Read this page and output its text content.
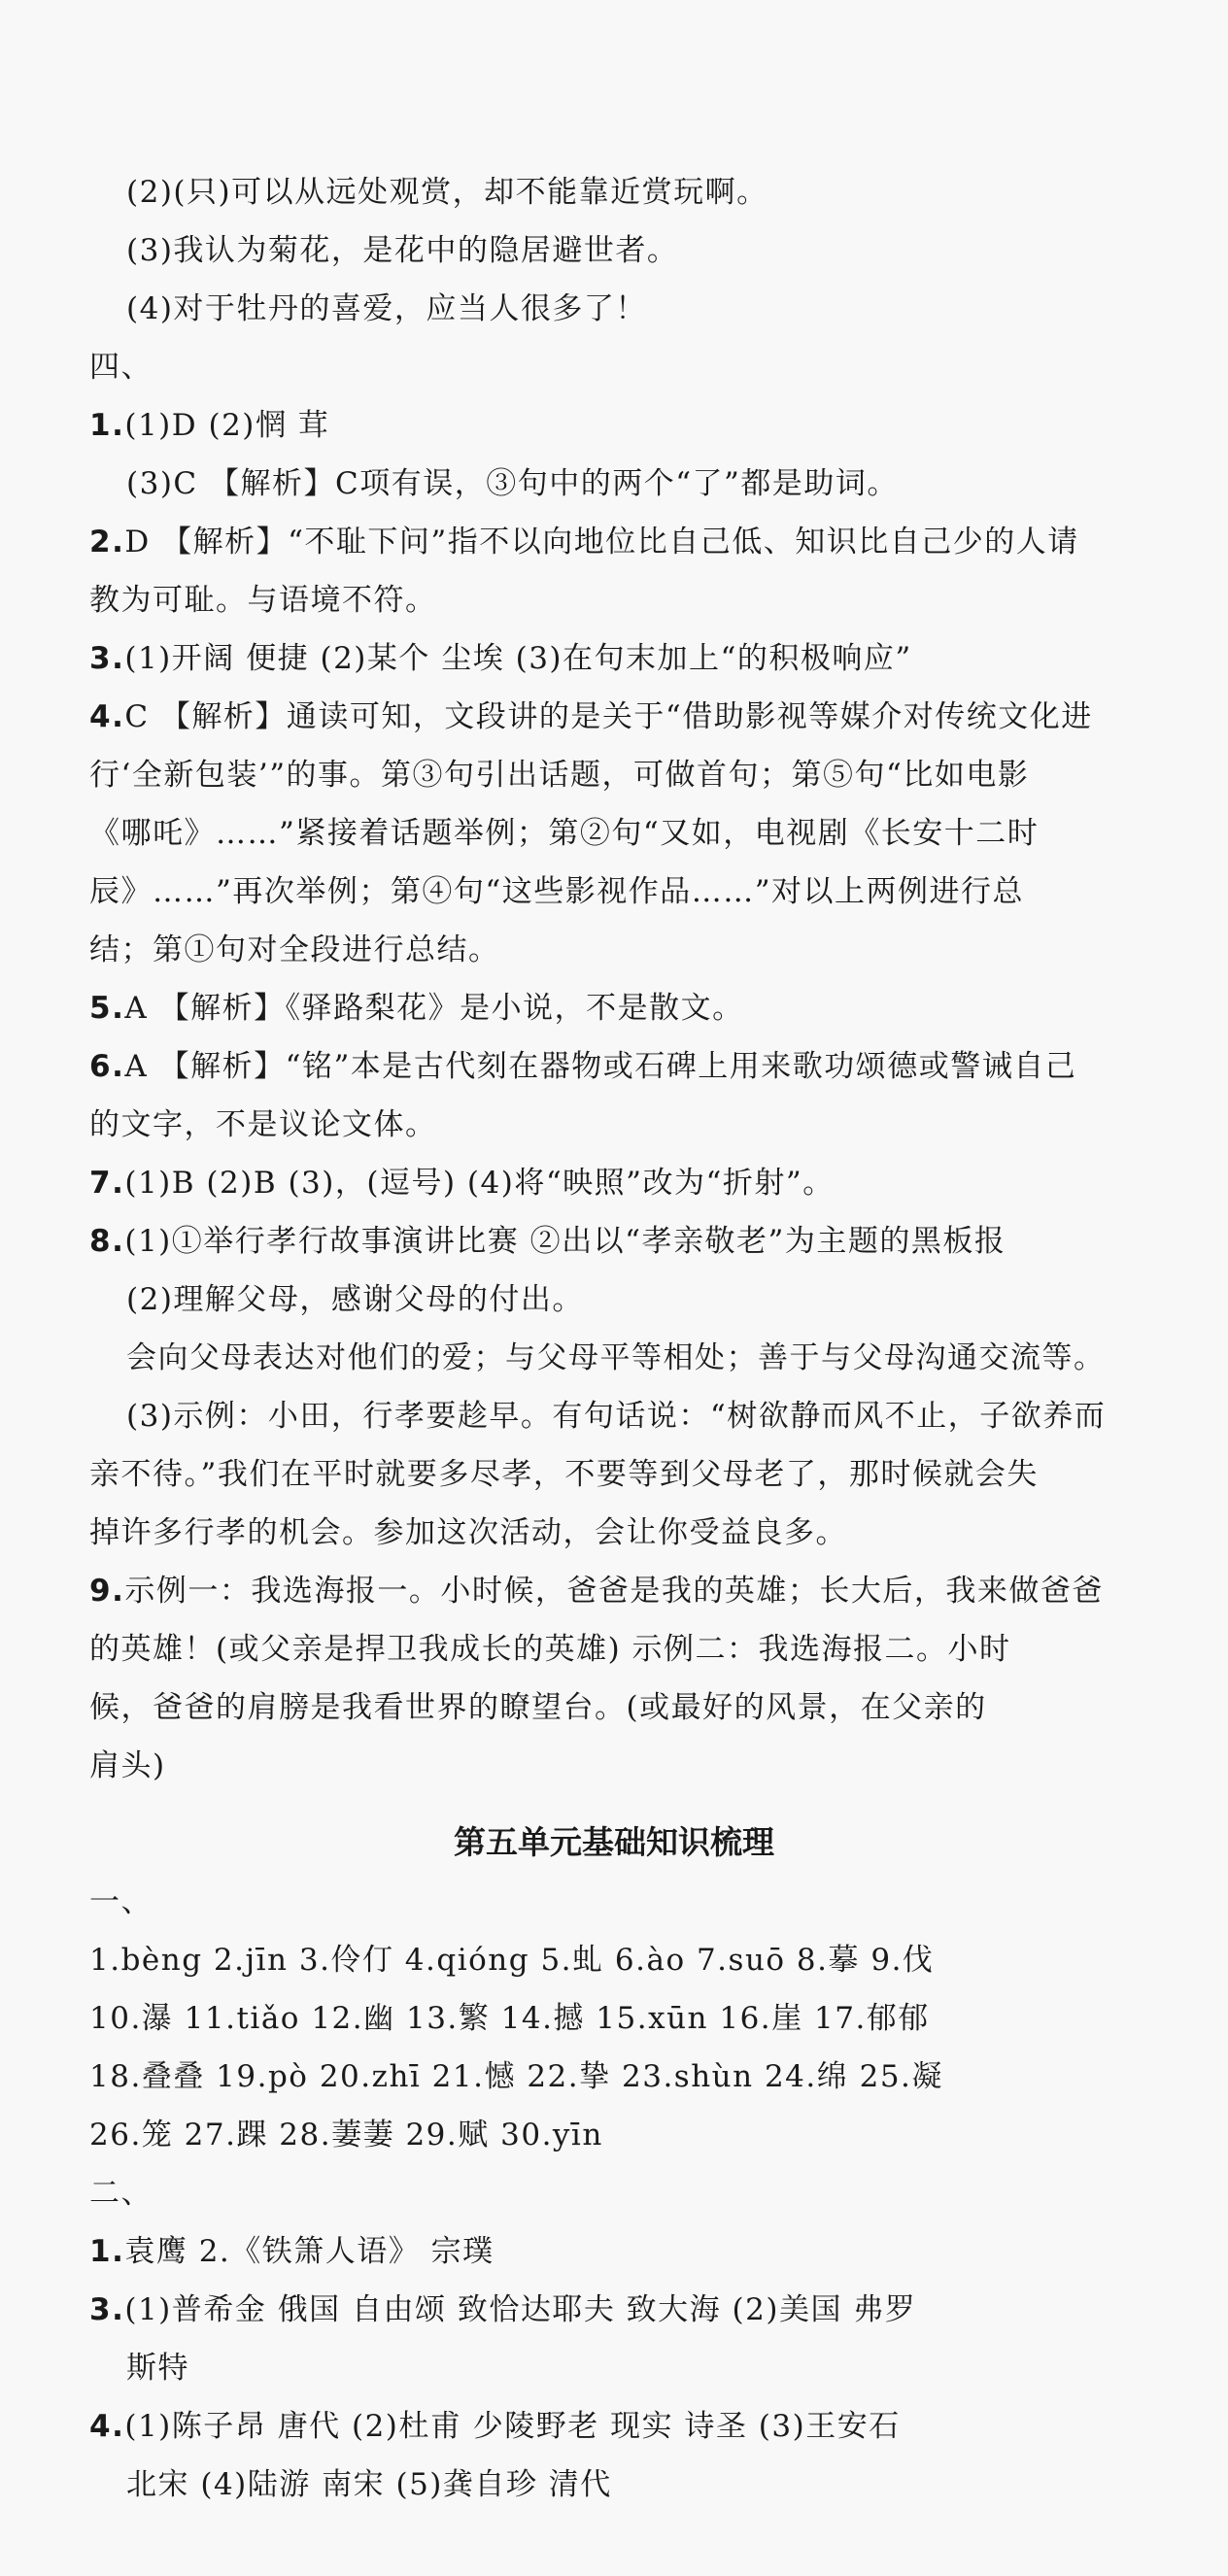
(2)(只)可以从远处观赏，却不能靠近赏玩啊。
(3)我认为菊花，是花中的隐居避世者。
(4)对于牡丹的喜爱，应当人很多了！
四、
1.(1)D (2)惘 茸
(3)C 【解析】C项有误，③句中的两个“了”都是助词。
2.D 【解析】“不耻下问”指不以向地位比自己低、知识比自己少的人请
教为可耻。与语境不符。
3.(1)开阔 便捷 (2)某个 尘埃 (3)在句末加上“的积极响应”
4.C 【解析】通读可知，文段讲的是关于“借助影视等媒介对传统文化进
行‘全新包装’”的事。第③句引出话题，可做首句；第⑤句“比如电影
《哪吒》……”紧接着话题举例；第②句“又如，电视剧《长安十二时
辰》……”再次举例；第④句“这些影视作品……”对以上两例进行总
结；第①句对全段进行总结。
5.A 【解析】《驿路梨花》是小说，不是散文。
6.A 【解析】“铭”本是古代刻在器物或石碑上用来歌功颂德或警诫自己
的文字，不是议论文体。
7.(1)B (2)B (3)，(逗号) (4)将“映照”改为“折射”。
8.(1)①举行孝行故事演讲比赛 ②出以“孝亲敬老”为主题的黑板报
(2)理解父母，感谢父母的付出。
会向父母表达对他们的爱；与父母平等相处；善于与父母沟通交流等。
(3)示例：小田，行孝要趁早。有句话说：“树欲静而风不止，子欲养而
亲不待。”我们在平时就要多尽孝，不要等到父母老了，那时候就会失
掉许多行孝的机会。参加这次活动，会让你受益良多。
9.示例一：我选海报一。小时候，爸爸是我的英雄；长大后，我来做爸爸
的英雄！(或父亲是捍卫我成长的英雄) 示例二：我选海报二。小时
候，爸爸的肩膀是我看世界的瞭望台。(或最好的风景，在父亲的
肩头)
第五单元基础知识梳理
一、
1.bèng 2.jīn 3.伶仃 4.qióng 5.虬 6.ào 7.suō 8.摹 9.伐
10.瀑 11.tiǎo 12.幽 13.繁 14.撼 15.xūn 16.崖 17.郁郁
18.叠叠 19.pò 20.zhī 21.憾 22.挚 23.shùn 24.绵 25.凝
26.笼 27.踝 28.萋萋 29.赋 30.yīn
二、
1.袁鹰 2.《铁箫人语》 宗璞
3.(1)普希金 俄国 自由颂 致恰达耶夫 致大海 (2)美国 弗罗
斯特
4.(1)陈子昂 唐代 (2)杜甫 少陵野老 现实 诗圣 (3)王安石
北宋 (4)陆游 南宋 (5)龚自珍 清代
